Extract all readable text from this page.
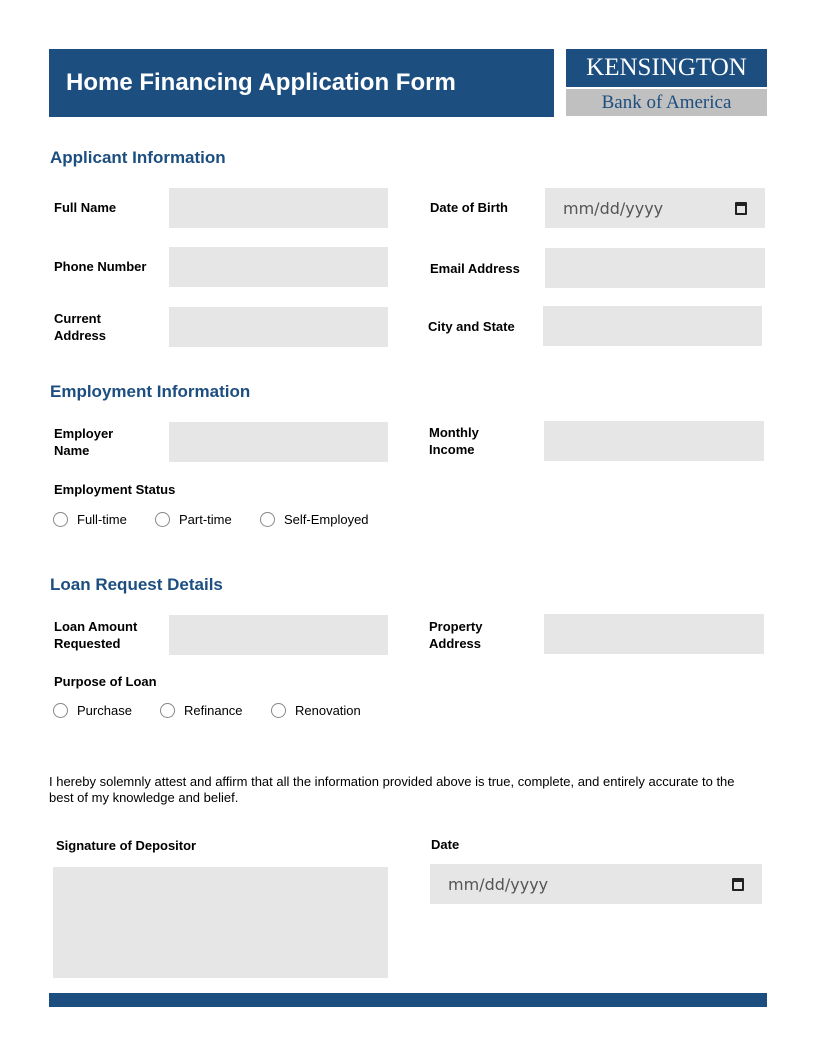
Home Financing Application Form
KENSINGTON
Bank of America
Applicant Information
Full Name	Date of Birth	mm/dd/yyyy
Phone Number	Email Address
Current Address
City and State
Employment Information
Employer Name
Monthly Income
Employment Status
Full-time	Part-time	Self-Employed
Loan Request Details
Loan Amount Requested
Property Address
Purpose of Loan
Purchase	Refinance	Renovation
I hereby solemnly attest and affirm that all the information provided above is true, complete, and entirely accurate to the best of my knowledge and belief.
Signature of Depositor	Date
mm/dd/yyyy
